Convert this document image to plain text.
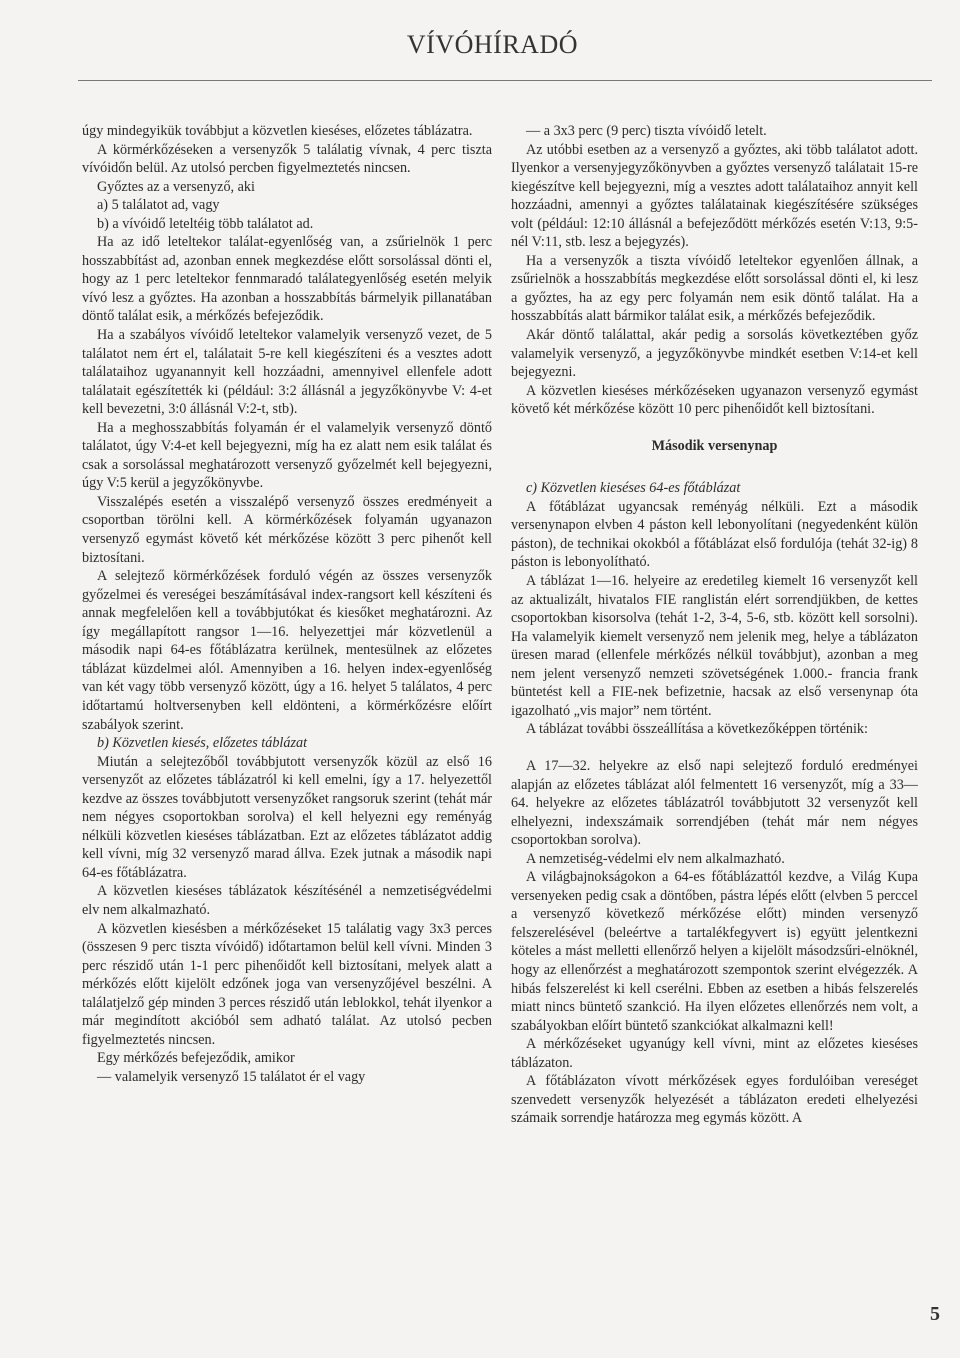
VÍVÓHÍRADÓ

úgy mindegyikük továbbjut a közvetlen kieséses, előzetes táblázatra.

A körmérkőzéseken a versenyzők 5 találatig vívnak, 4 perc tiszta vívóidőn belül. Az utolsó percben figyelmeztetés nincsen.

Győztes az a versenyző, aki

a) 5 találatot ad, vagy

b) a vívóidő leteltéig több találatot ad.

Ha az idő leteltekor találat-egyenlőség van, a zsűrielnök 1 perc hosszabbítást ad, azonban ennek megkezdése előtt sorsolással dönti el, hogy az 1 perc leteltekor fennmaradó találategyenlőség esetén melyik vívó lesz a győztes. Ha azonban a hosszabbítás bármelyik pillanatában döntő találat esik, a mérkőzés befejeződik.

Ha a szabályos vívóidő leteltekor valamelyik versenyző vezet, de 5 találatot nem ért el, találatait 5-re kell kiegészíteni és a vesztes adott találataihoz ugyanannyit kell hozzáadni, amennyivel ellenfele adott találatait egészítették ki (például: 3:2 állásnál a jegyzőkönyvbe V: 4-et kell bevezetni, 3:0 állásnál V:2-t, stb).

Ha a meghosszabbítás folyamán ér el valamelyik versenyző döntő találatot, úgy V:4-et kell bejegyezni, míg ha ez alatt nem esik találat és csak a sorsolással meghatározott versenyző győzelmét kell bejegyezni, úgy V:5 kerül a jegyzőkönyvbe.

Visszalépés esetén a visszalépő versenyző összes eredményeit a csoportban törölni kell. A körmérkőzések folyamán ugyanazon versenyző egymást követő két mérkőzése között 3 perc pihenőt kell biztosítani.

A selejtező körmérkőzések forduló végén az összes versenyzők győzelmei és vereségei beszámításával index-rangsort kell készíteni és annak megfelelően kell a továbbjutókat és kiesőket meghatározni. Az így megállapított rangsor 1—16. helyezettjei már közvetlenül a második napi 64-es főtáblázatra kerülnek, mentesülnek az előzetes táblázat küzdelmei alól. Amennyiben a 16. helyen index-egyenlőség van két vagy több versenyző között, úgy a 16. helyet 5 találatos, 4 perc időtartamú holtversenyben kell eldönteni, a körmérkőzésre előírt szabályok szerint.

b) Közvetlen kiesés, előzetes táblázat

Miután a selejtezőből továbbjutott versenyzők közül az első 16 versenyzőt az előzetes táblázatról ki kell emelni, így a 17. helyezettől kezdve az összes továbbjutott versenyzőket rangsoruk szerint (tehát már nem négyes csoportokban sorolva) el kell helyezni egy reményág nélküli közvetlen kieséses táblázatban. Ezt az előzetes táblázatot addig kell vívni, míg 32 versenyző marad állva. Ezek jutnak a második napi 64-es főtáblázatra.

A közvetlen kieséses táblázatok készítésénél a nemzetiségvédelmi elv nem alkalmazható.

A közvetlen kiesésben a mérkőzéseket 15 találatig vagy 3x3 perces (összesen 9 perc tiszta vívóidő) időtartamon belül kell vívni. Minden 3 perc részidő után 1-1 perc pihenőidőt kell biztosítani, melyek alatt a mérkőzés előtt kijelölt edzőnek joga van versenyzőjével beszélni. A találatjelző gép minden 3 perces részidő után leblokkol, tehát ilyenkor a már megindított akcióból sem adható találat. Az utolsó pecben figyelmeztetés nincsen.

Egy mérkőzés befejeződik, amikor

— valamelyik versenyző 15 találatot ér el vagy

— a 3x3 perc (9 perc) tiszta vívóidő letelt.

Az utóbbi esetben az a versenyző a győztes, aki több találatot adott. Ilyenkor a versenyjegyzőkönyvben a győztes versenyző találatait 15-re kiegészítve kell bejegyezni, míg a vesztes adott találataihoz annyit kell hozzáadni, amennyi a győztes találatainak kiegészítésére szükséges volt (például: 12:10 állásnál a befejeződött mérkőzés esetén V:13, 9:5-nél V:11, stb. lesz a bejegyzés).

Ha a versenyzők a tiszta vívóidő leteltekor egyenlően állnak, a zsűrielnök a hosszabbítás megkezdése előtt sorsolással dönti el, ki lesz a győztes, ha az egy perc folyamán nem esik döntő találat. Ha a hosszabbítás alatt bármikor találat esik, a mérkőzés befejeződik.

Akár döntő találattal, akár pedig a sorsolás következtében győz valamelyik versenyző, a jegyzőkönyvbe mindkét esetben V:14-et kell bejegyezni.

A közvetlen kieséses mérkőzéseken ugyanazon versenyző egymást követő két mérkőzése között 10 perc pihenőidőt kell biztosítani.

Második versenynap

c) Közvetlen kieséses 64-es főtáblázat

A főtáblázat ugyancsak reményág nélküli. Ezt a második versenynapon elvben 4 páston kell lebonyolítani (negyedenként külön páston), de technikai okokból a főtáblázat első fordulója (tehát 32-ig) 8 páston is lebonyolítható.

A táblázat 1—16. helyeire az eredetileg kiemelt 16 versenyzőt kell az aktualizált, hivatalos FIE ranglistán elért sorrendjükben, de kettes csoportokban kisorsolva (tehát 1-2, 3-4, 5-6, stb. között kell sorsolni). Ha valamelyik kiemelt versenyző nem jelenik meg, helye a táblázaton üresen marad (ellenfele mérkőzés nélkül továbbjut), azonban a meg nem jelent versenyző nemzeti szövetségének 1.000.- francia frank büntetést kell a FIE-nek befizetnie, hacsak az első versenynap óta igazolható „vis major” nem történt.

A táblázat további összeállítása a következőképpen történik:

A 17—32. helyekre az első napi selejtező forduló eredményei alapján az előzetes táblázat alól felmentett 16 versenyzőt, míg a 33—64. helyekre az előzetes táblázatról továbbjutott 32 versenyzőt kell elhelyezni, indexszámaik sorrendjében (tehát már nem négyes csoportokban sorolva).

A nemzetiség-védelmi elv nem alkalmazható.

A világbajnokságokon a 64-es főtáblázattól kezdve, a Világ Kupa versenyeken pedig csak a döntőben, pástra lépés előtt (elvben 5 perccel a versenyző következő mérkőzése előtt) minden versenyző felszerelésével (beleértve a tartalékfegyvert is) együtt jelentkezni köteles a mást melletti ellenőrző helyen a kijelölt másodzsűri-elnöknél, hogy az ellenőrzést a meghatározott szempontok szerint elvégezzék. A hibás felszerelést ki kell cserélni. Ebben az esetben a hibás felszerelés miatt nincs büntető szankció. Ha ilyen előzetes ellenőrzés nem volt, a szabályokban előírt büntető szankciókat alkalmazni kell!

A mérkőzéseket ugyanúgy kell vívni, mint az előzetes kieséses táblázaton.

A főtáblázaton vívott mérkőzések egyes fordulóiban vereséget szenvedett versenyzők helyezését a táblázaton eredeti elhelyezési számaik sorrendje határozza meg egymás között. A

5
